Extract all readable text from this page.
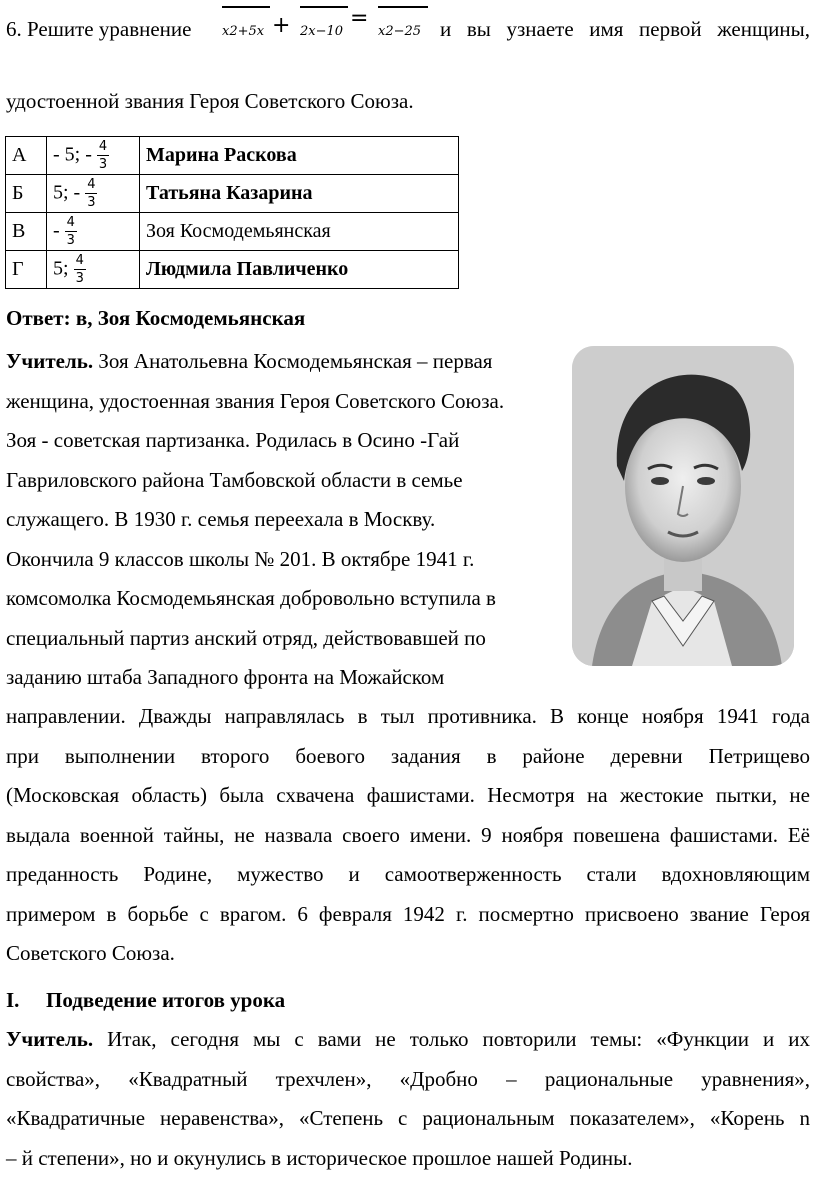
6. Решите уравнение	x2+5x + 2x−10
=
x2−25 и вы узнаете имя первой женщины,
удостоенной звания Героя Советского Союза.
А	- 5; - $\frac{4}{3}$	Марина Раскова
Б	5; - $\frac{4}{3}$	Татьяна Казарина
В	- $\frac{4}{3}$	Зоя Космодемьянская
Г	5; $\frac{4}{3}$	Людмила Павличенко
Ответ: в, Зоя Космодемьянская
Учитель. Зоя Анатольевна Космодемьянская – первая
женщина, удостоенная звания Героя Советского Союза.
Зоя - советская партизанка. Родилась в Осино -Гай
Гавриловского района Тамбовской области в семье
служащего. В 1930 г. семья переехала в Москву.
Окончила 9 классов школы № 201. В октябре 1941 г.
комсомолка Космодемьянская добровольно вступила в
специальный партиз анский отряд, действовавшей по
заданию штаба Западного фронта на Можайском
направлении. Дважды направлялась в тыл противника. В конце ноября 1941 года
при выполнении второго боевого задания в районе деревни Петрищево
(Московская область) была схвачена фашистами. Несмотря на жестокие пытки, не
выдала военной тайны, не назвала своего имени. 9 ноября повешена фашистами. Её
преданность Родине, мужество и самоотверженность стали вдохновляющим
примером в борьбе с врагом. 6 февраля 1942 г. посмертно присвоено звание Героя
Советского Союза.
I. Подведение итогов урока
Учитель. Итак, сегодня мы с вами не только повторили темы: «Функции и их
свойства», «Квадратный трехчлен», «Дробно – рациональные уравнения»,
«Квадратичные неравенства», «Степень с рациональным показателем», «Корень n
– й степени», но и окунулись в историческое прошлое нашей Родины.
